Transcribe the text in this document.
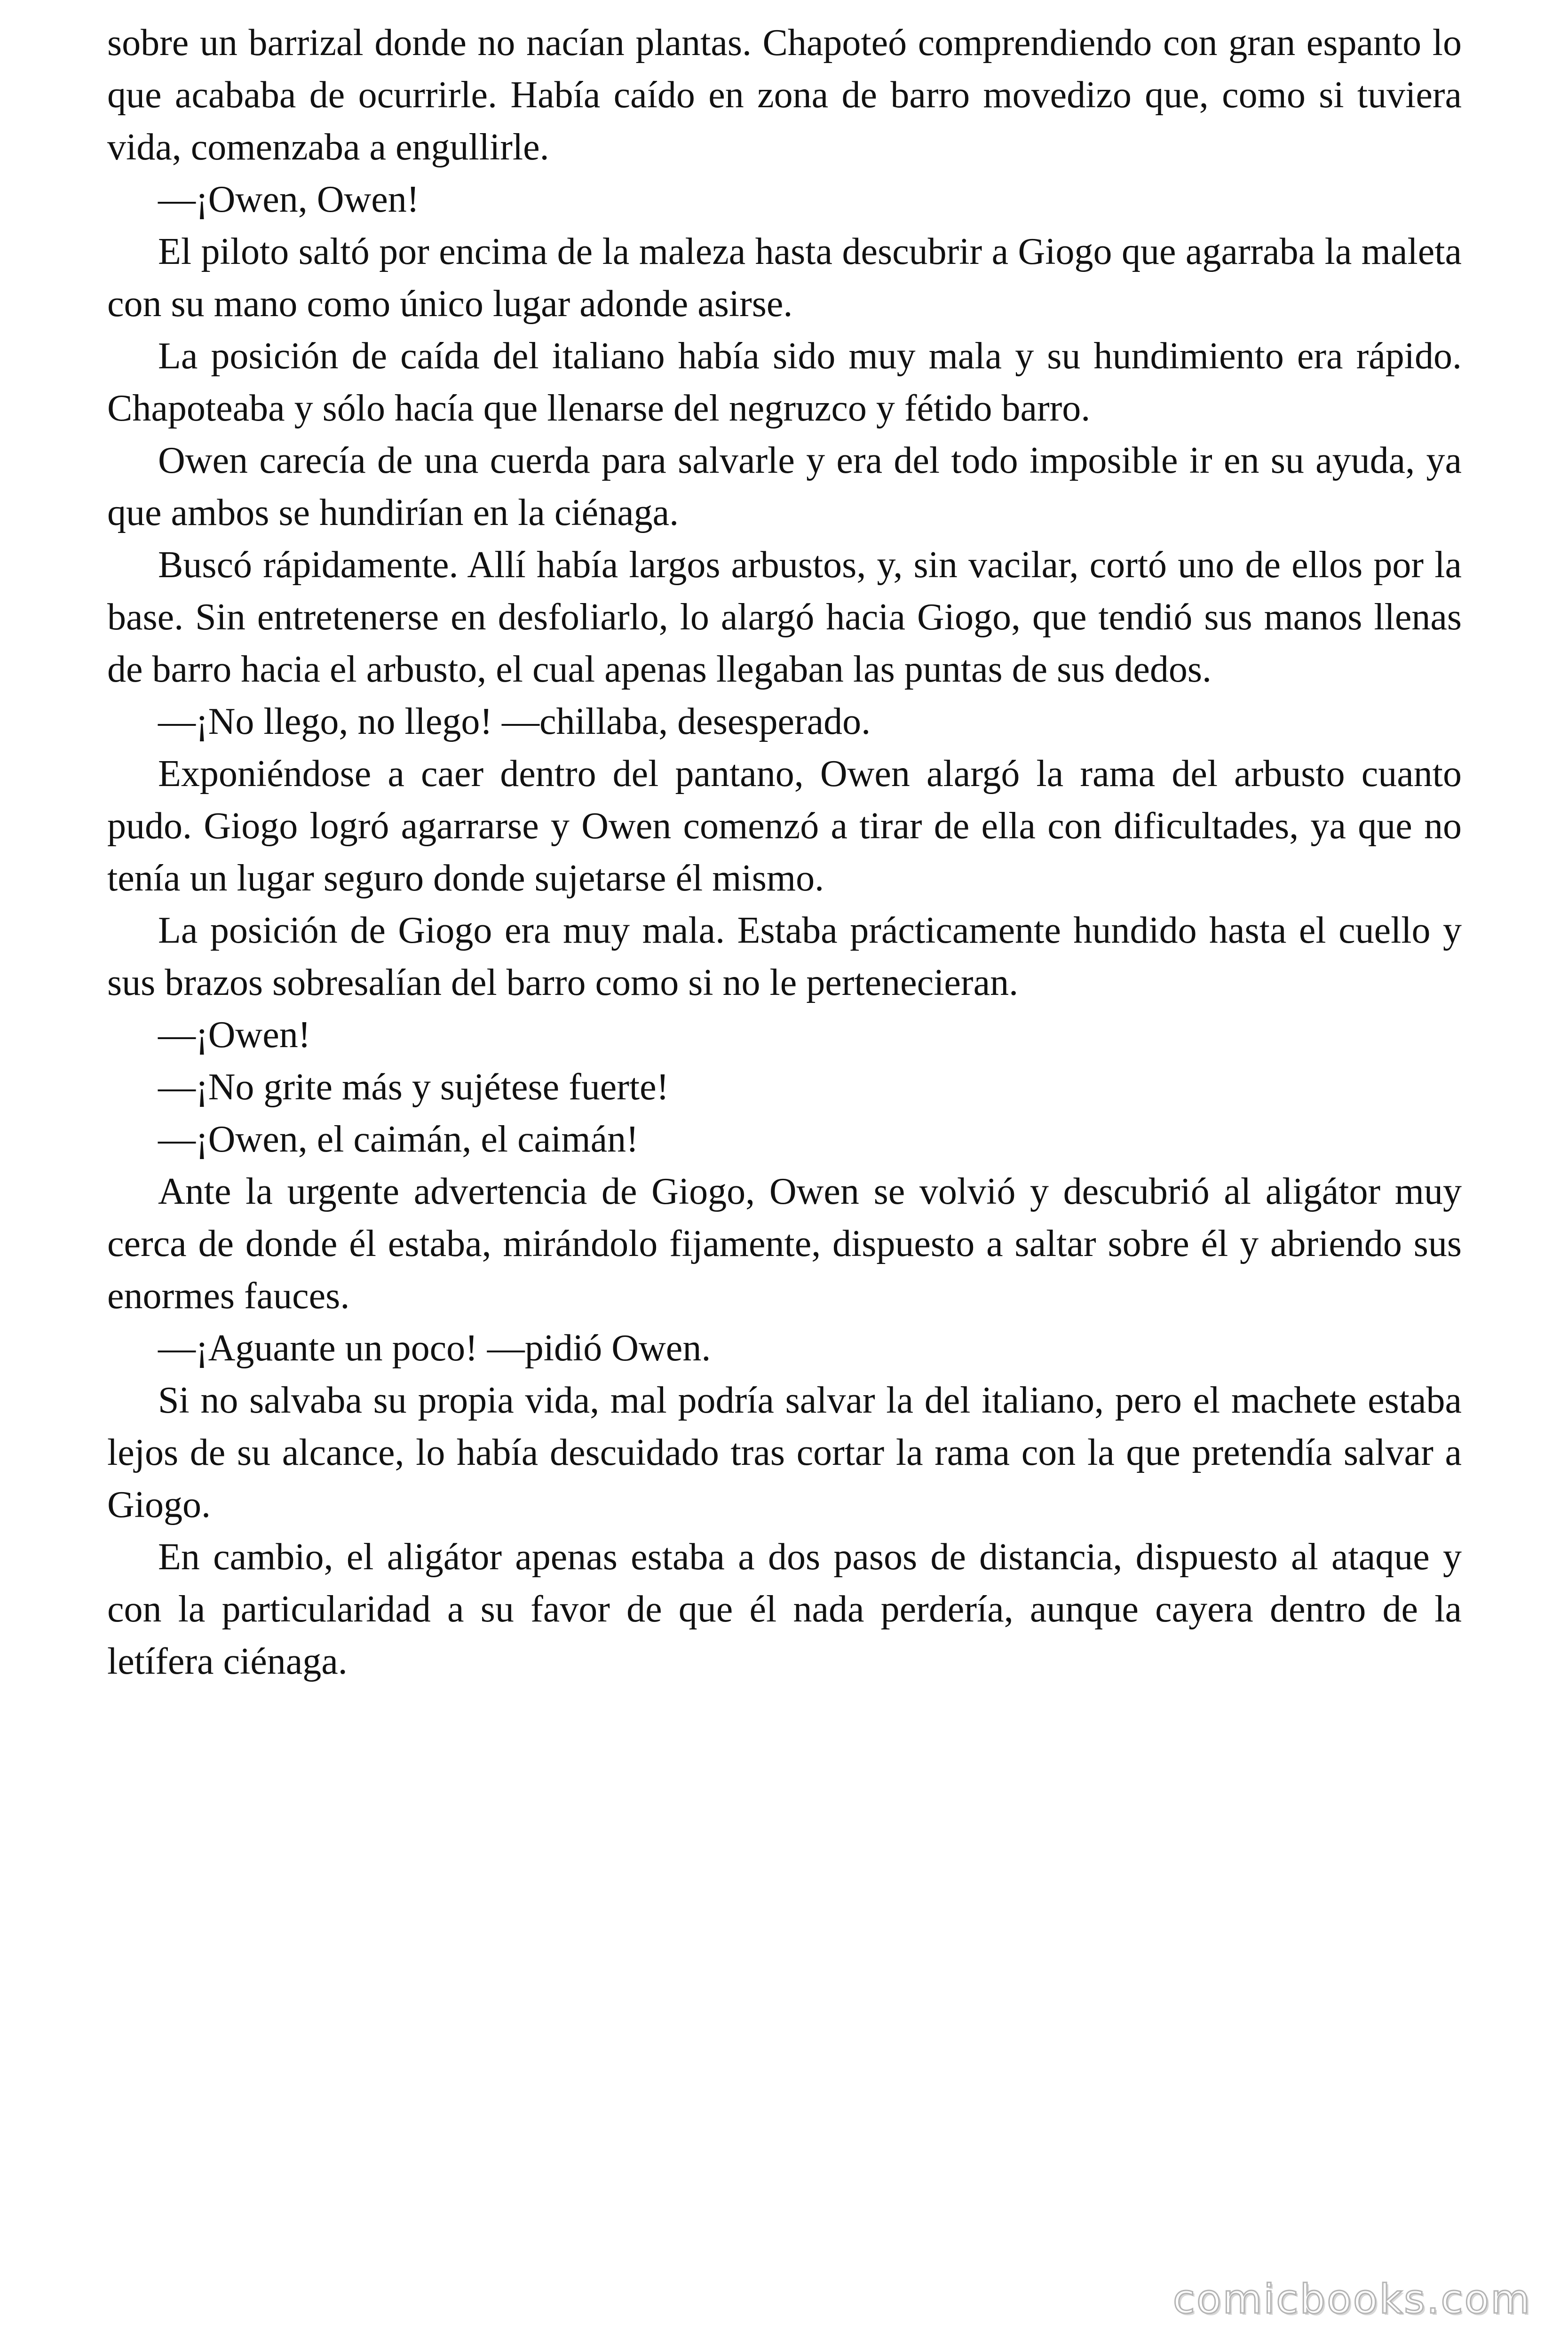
sobre un barrizal donde no nacían plantas. Chapoteó comprendiendo con gran espanto lo que acababa de ocurrirle. Había caído en zona de barro movedizo que, como si tuviera vida, comenzaba a engullirle.

—¡Owen, Owen!

El piloto saltó por encima de la maleza hasta descubrir a Giogo que agarraba la maleta con su mano como único lugar adonde asirse.

La posición de caída del italiano había sido muy mala y su hundimiento era rápido. Chapoteaba y sólo hacía que llenarse del negruzco y fétido barro.

Owen carecía de una cuerda para salvarle y era del todo imposible ir en su ayuda, ya que ambos se hundirían en la ciénaga.

Buscó rápidamente. Allí había largos arbustos, y, sin vacilar, cortó uno de ellos por la base. Sin entretenerse en desfoliarlo, lo alargó hacia Giogo, que tendió sus manos llenas de barro hacia el arbusto, el cual apenas llegaban las puntas de sus dedos.

—¡No llego, no llego! —chillaba, desesperado.

Exponiéndose a caer dentro del pantano, Owen alargó la rama del arbusto cuanto pudo. Giogo logró agarrarse y Owen comenzó a tirar de ella con dificultades, ya que no tenía un lugar seguro donde sujetarse él mismo.

La posición de Giogo era muy mala. Estaba prácticamente hundido hasta el cuello y sus brazos sobresalían del barro como si no le pertenecieran.

—¡Owen!

—¡No grite más y sujétese fuerte!

—¡Owen, el caimán, el caimán!

Ante la urgente advertencia de Giogo, Owen se volvió y descubrió al aligátor muy cerca de donde él estaba, mirándolo fijamente, dispuesto a saltar sobre él y abriendo sus enormes fauces.

—¡Aguante un poco! —pidió Owen.

Si no salvaba su propia vida, mal podría salvar la del italiano, pero el machete estaba lejos de su alcance, lo había descuidado tras cortar la rama con la que pretendía salvar a Giogo.

En cambio, el aligátor apenas estaba a dos pasos de distancia, dispuesto al ataque y con la particularidad a su favor de que él nada perdería, aunque cayera dentro de la letífera ciénaga.

comicbooks.com
